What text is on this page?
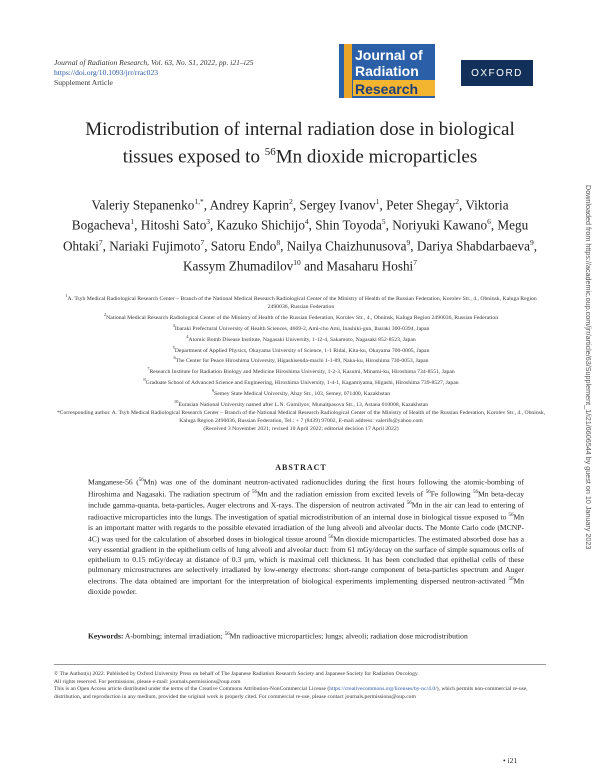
Journal of Radiation Research, Vol. 63, No. S1, 2022, pp. i21–i25
https://doi.org/10.1093/jrr/rrac023
Supplement Article
Journal of
Radiation
Research
OXFORD
Downloaded from https://academic.oup.com/jrr/article/63/Supplement_1/i21/6606544 by guest on 10 January 2023
Microdistribution of internal radiation dose in biological tissues exposed to $^{56}$Mn dioxide microparticles
Valeriy Stepanenko$^{1,*}$, Andrey Kaprin$^2$, Sergey Ivanov$^1$, Peter Shegay$^2$, Viktoria Bogacheva$^1$, Hitoshi Sato$^3$, Kazuko Shichijo$^4$, Shin Toyoda$^5$, Noriyuki Kawano$^6$, Megu Ohtaki$^7$, Nariaki Fujimoto$^7$, Satoru Endo$^8$, Nailya Chaizhunusova$^9$, Dariya Shabdarbaeva$^9$, Kassym Zhumadilov$^{10}$ and Masaharu Hoshi$^7$

$^1$A. Tsyb Medical Radiological Research Center – Branch of the National Medical Research Radiological Center of the Ministry of Health of the Russian Federation, Korolev Str., 4., Obninsk, Kaluga Region 2490036, Russian Federation

$^2$National Medical Research Radiological Center of the Ministry of Health of the Russian Federation, Korolev Str., 4., Obninsk, Kaluga Region 2490036, Russian Federation

$^3$Ibaraki Prefectural University of Health Sciences, 4669-2, Ami-cho Ami, Inashiki-gun, Ibaraki 300-0394, Japan

$^4$Atomic Bomb Disease Institute, Nagasaki University, 1-12-4, Sakamoto, Nagasaki 852-8523, Japan

$^5$Department of Applied Physics, Okayama University of Science, 1-1 Ridai, Kita-ku, Okayama 700-0005, Japan

$^6$The Center for Peace Hiroshima University, Higashisenda-machi 1-1-89, Naka-ku, Hiroshima 730-0053, Japan

$^7$Research Institute for Radiation Biology and Medicine Hiroshima University, 1-2-3, Kasumi, Minami-ku, Hiroshima 734-8551, Japan

$^8$Graduate School of Advanced Science and Engineering, Hiroshima University, 1-4-1, Kagamiyama, Higashi, Hiroshima 739-8527, Japan

$^9$Semey State Medical University, Abay Str., 103, Semey, 071400, Kazakhstan

$^{10}$Eurasian National University named after L.N. Gumilyov, Munaitpasova Str., 13, Astana 010008, Kazakhstan

*Corresponding author. A. Tsyb Medical Radiological Research Center – Branch of the National Medical Research Radiological Center of the Ministry of Health of the Russian Federation, Korolev Str., 4., Obninsk, Kaluga Region 2490036, Russian Federation, Tel.: + 7 (8439) 97002, E-mail address: valerifs@yahoo.com

(Received 3 November 2021; revised 10 April 2022; editorial decision 17 April 2022)

ABSTRACT
Manganese-56 ($^{56}$Mn) was one of the dominant neutron-activated radionuclides during the first hours following the atomic-bombing of Hiroshima and Nagasaki. The radiation spectrum of $^{56}$Mn and the radiation emission from excited levels of $^{56}$Fe following $^{56}$Mn beta-decay include gamma-quanta, beta-particles, Auger electrons and X-rays. The dispersion of neutron activated $^{56}$Mn in the air can lead to entering of radioactive microparticles into the lungs. The investigation of spatial microdistribution of an internal dose in biological tissue exposed to $^{56}$Mn is an important matter with regards to the possible elevated irradiation of the lung alveoli and alveolar ducts. The Monte Carlo code (MCNP-4C) was used for the calculation of absorbed doses in biological tissue around $^{56}$Mn dioxide microparticles. The estimated absorbed dose has a very essential gradient in the epithelium cells of lung alveoli and alveolar duct: from 61 mGy/decay on the surface of simple squamous cells of epithelium to 0.15 mGy/decay at distance of 0.3 μm, which is maximal cell thickness. It has been concluded that epithelial cells of these pulmonary microstructures are selectively irradiated by low-energy electrons: short-range component of beta-particles spectrum and Auger electrons. The data obtained are important for the interpretation of biological experiments implementing dispersed neutron-activated $^{56}$Mn dioxide powder.
Keywords: A-bombing; internal irradiation; $^{56}$Mn radioactive microparticles; lungs; alveoli; radiation dose microdistribution

© The Author(s) 2022. Published by Oxford University Press on behalf of The Japanese Radiation Research Society and Japanese Society for Radiation Oncology.

All rights reserved. For permissions, please e-mail: journals.permissions@oup.com

This is an Open Access article distributed under the terms of the Creative Commons Attribution-NonCommercial License (https://creativecommons.org/licenses/by-nc/4.0/), which permits non-commercial re-use, distribution, and reproduction in any medium, provided the original work is properly cited. For commercial re-use, please contact journals.permissions@oup.com

• i21
